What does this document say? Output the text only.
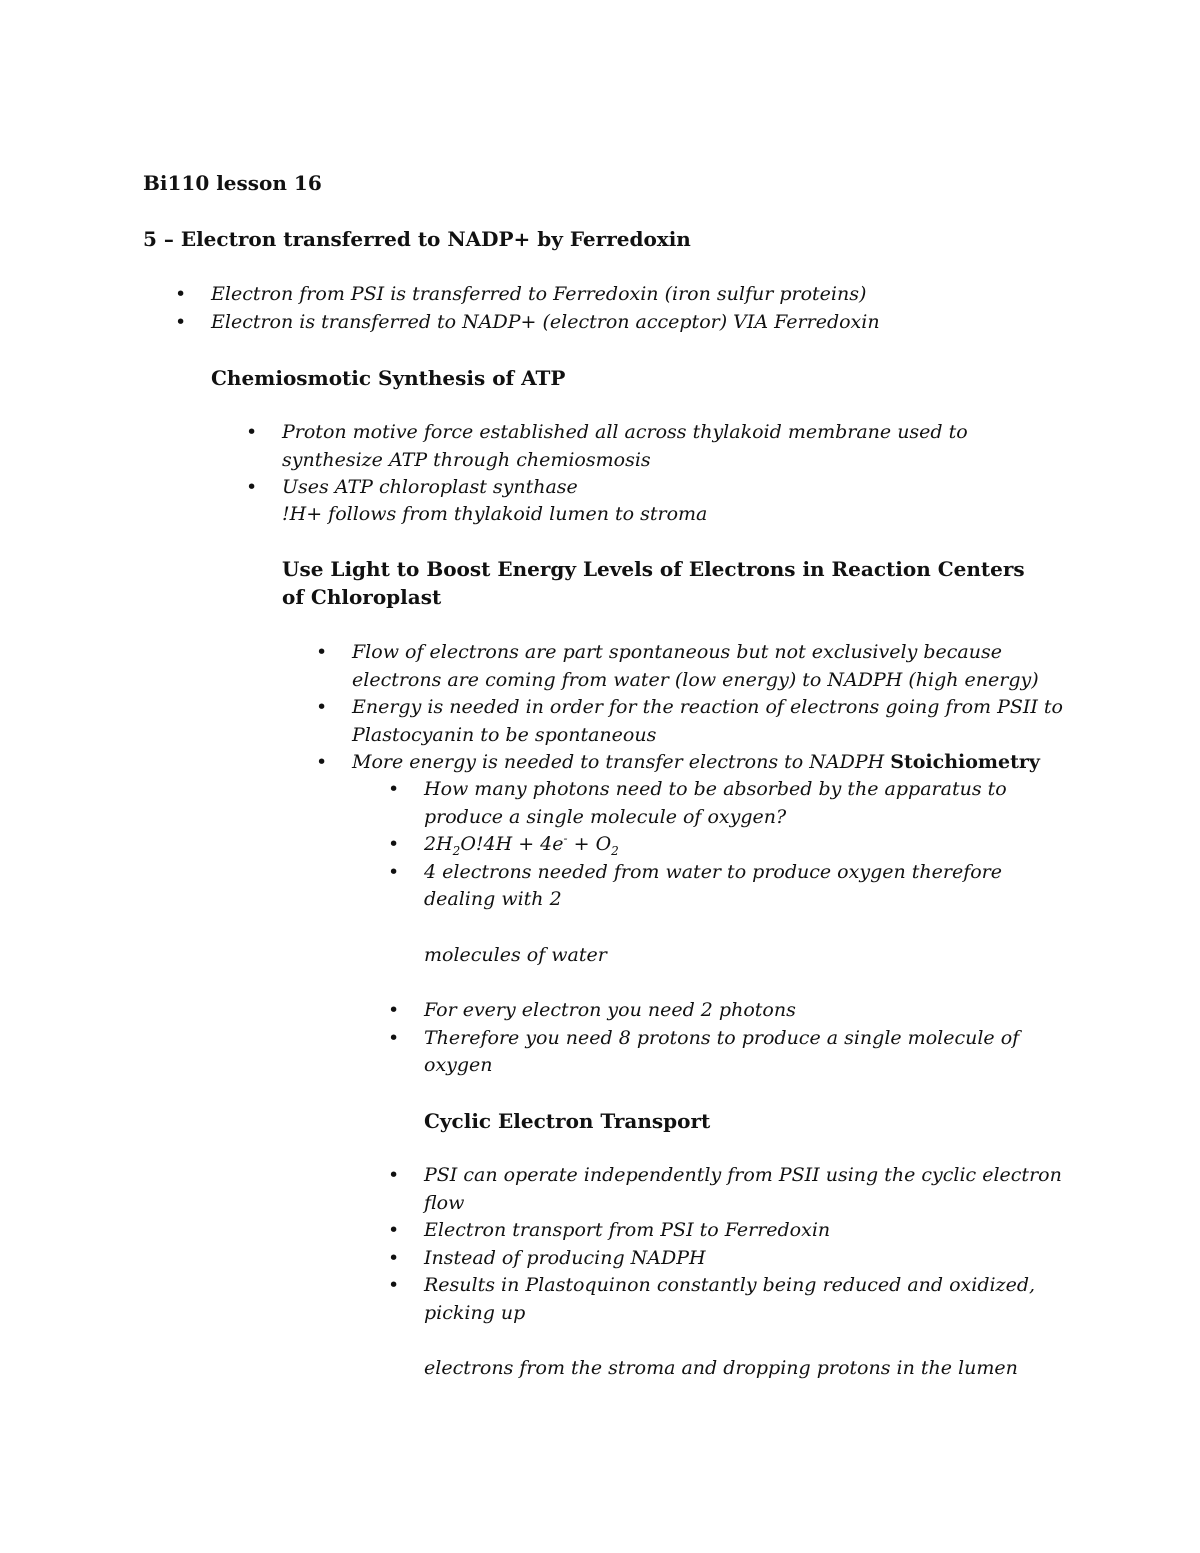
Bi110 lesson 16
5 – Electron transferred to NADP+ by Ferredoxin
• Electron from PSI is transferred to Ferredoxin (iron sulfur proteins)
• Electron is transferred to NADP+ (electron acceptor) VIA Ferredoxin
Chemiosmotic Synthesis of ATP
• Proton motive force established all across thylakoid membrane used to synthesize ATP through chemiosmosis
• Uses ATP chloroplast synthase
!H+ follows from thylakoid lumen to stroma
Use Light to Boost Energy Levels of Electrons in Reaction Centers of Chloroplast
• Flow of electrons are part spontaneous but not exclusively because electrons are coming from water (low energy) to NADPH (high energy)
• Energy is needed in order for the reaction of electrons going from PSII to Plastocyanin to be spontaneous
• More energy is needed to transfer electrons to NADPH Stoichiometry
• How many photons need to be absorbed by the apparatus to produce a single molecule of oxygen?
• $2H_2O!4H + 4e^- + O_2$
• 4 electrons needed from water to produce oxygen therefore dealing with 2
molecules of water
• For every electron you need 2 photons
• Therefore you need 8 protons to produce a single molecule of oxygen
Cyclic Electron Transport
• PSI can operate independently from PSII using the cyclic electron flow
• Electron transport from PSI to Ferredoxin
• Instead of producing NADPH
• Results in Plastoquinon constantly being reduced and oxidized, picking up
electrons from the stroma and dropping protons in the lumen
